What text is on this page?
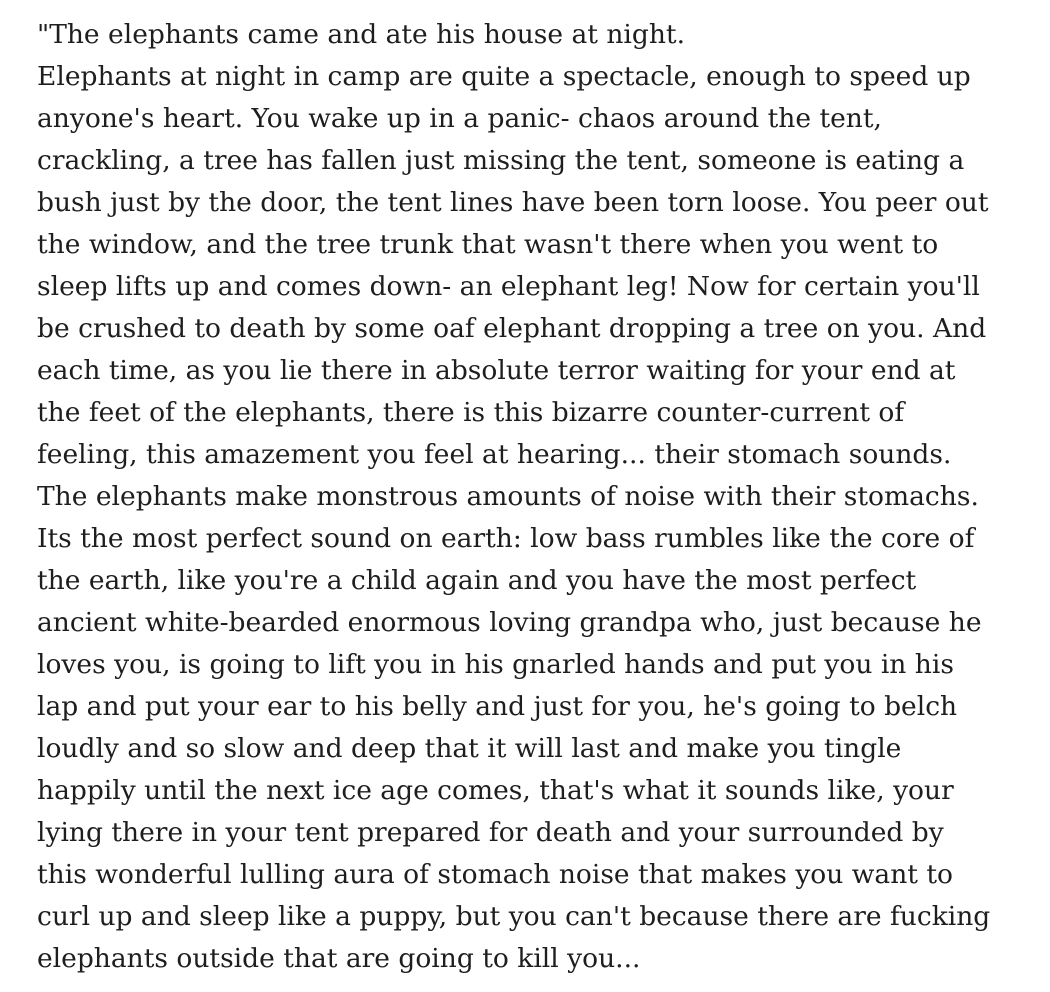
"The elephants came and ate his house at night.
Elephants at night in camp are quite a spectacle, enough to speed up
anyone's heart. You wake up in a panic- chaos around the tent,
crackling, a tree has fallen just missing the tent, someone is eating a
bush just by the door, the tent lines have been torn loose. You peer out
the window, and the tree trunk that wasn't there when you went to
sleep lifts up and comes down- an elephant leg! Now for certain you'll
be crushed to death by some oaf elephant dropping a tree on you. And
each time, as you lie there in absolute terror waiting for your end at
the feet of the elephants, there is this bizarre counter-current of
feeling, this amazement you feel at hearing... their stomach sounds.
The elephants make monstrous amounts of noise with their stomachs.
Its the most perfect sound on earth: low bass rumbles like the core of
the earth, like you're a child again and you have the most perfect
ancient white-bearded enormous loving grandpa who, just because he
loves you, is going to lift you in his gnarled hands and put you in his
lap and put your ear to his belly and just for you, he's going to belch
loudly and so slow and deep that it will last and make you tingle
happily until the next ice age comes, that's what it sounds like, your
lying there in your tent prepared for death and your surrounded by
this wonderful lulling aura of stomach noise that makes you want to
curl up and sleep like a puppy, but you can't because there are fucking
elephants outside that are going to kill you...
